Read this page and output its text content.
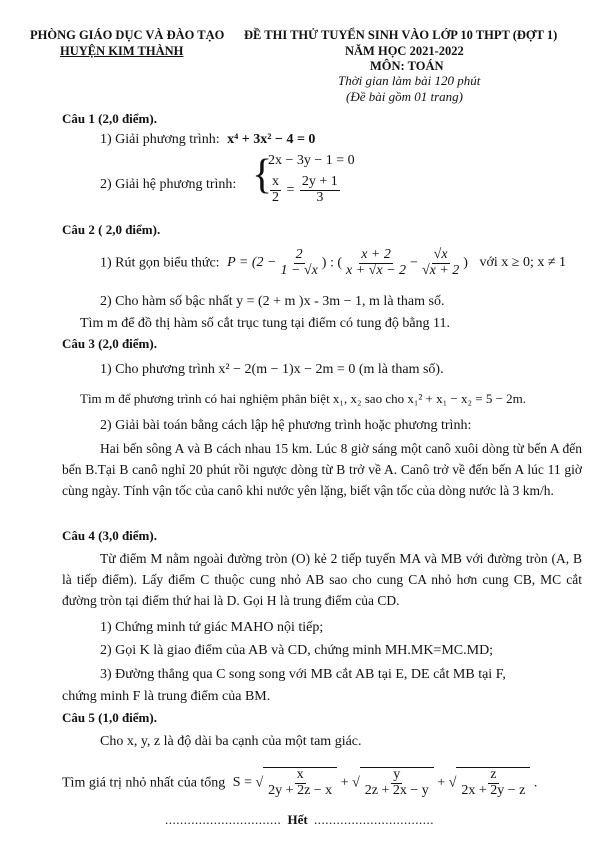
PHÒNG GIÁO DỤC VÀ ĐÀO TẠO
HUYỆN KIM THÀNH
ĐỀ THI THỬ TUYỂN SINH VÀO LỚP 10 THPT (ĐỢT 1)
NĂM HỌC 2021-2022
MÔN: TOÁN
Thời gian làm bài 120 phút
(Đề bài gồm 01 trang)
Câu 1 (2,0 điểm).
1) Giải phương trình: x⁴ + 3x² − 4 = 0
2) Giải hệ phương trình: {
2x − 3y − 1 = 0
$\frac{x}{2} = \frac{2y + 1}{3}$
Câu 2 ( 2,0 điểm).
1) Rút gọn biểu thức: $P = (2 - \frac{2}{1 - √x}$ ) : ( $\frac{x + 2}{x + √x - 2} - \frac{√x}{√x + 2}$ ) với x ≥ 0; x ≠ 1
2) Cho hàm số bậc nhất y = (2 + m )x - 3m − 1, m là tham số.
Tìm m để đồ thị hàm số cắt trục tung tại điểm có tung độ bằng 11.
Câu 3 (2,0 điểm).
1) Cho phương trình x² − 2(m − 1)x − 2m = 0 (m là tham số).
Tìm m để phương trình có hai nghiệm phân biệt x₁, x₂ sao cho x₁² + x₁ − x₂ = 5 − 2m.
2) Giải bài toán bằng cách lập hệ phương trình hoặc phương trình:
Hai bến sông A và B cách nhau 15 km. Lúc 8 giờ sáng một canô xuôi dòng từ bến A đến bến B.Tại B canô nghỉ 20 phút rồi ngược dòng từ B trở về A. Canô trở về đến bến A lúc 11 giờ cùng ngày. Tính vận tốc của canô khi nước yên lặng, biết vận tốc của dòng nước là 3 km/h.
Câu 4 (3,0 điểm).
Từ điểm M nằm ngoài đường tròn (O) kẻ 2 tiếp tuyến MA và MB với đường tròn (A, B là tiếp điểm). Lấy điểm C thuộc cung nhỏ AB sao cho cung CA nhỏ hơn cung CB, MC cắt đường tròn tại điểm thứ hai là D. Gọi H là trung điểm của CD.
1) Chứng minh tứ giác MAHO nội tiếp;
2) Gọi K là giao điểm của AB và CD, chứng minh MH.MK=MC.MD;
3) Đường thẳng qua C song song với MB cắt AB tại E, DE cắt MB tại F,
chứng minh F là trung điểm của BM.
Câu 5 (1,0 điểm).
Cho x, y, z là độ dài ba cạnh của một tam giác.
Tìm giá trị nhỏ nhất của tổng S = √ $\frac{x}{2y + 2z - x}$ + √ $\frac{y}{2z + 2x - y}$ + √ $\frac{z}{2x + 2y - z}$ .
............................... Hết ................................
